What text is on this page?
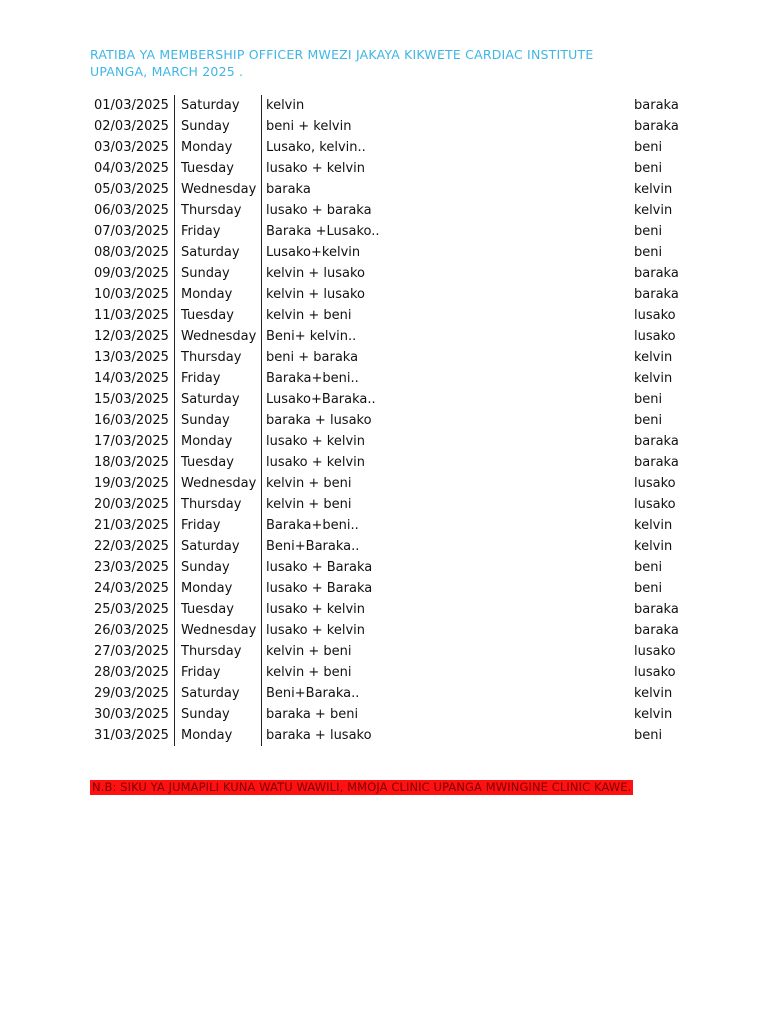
RATIBA YA MEMBERSHIP OFFICER MWEZI JAKAYA KIKWETE CARDIAC INSTITUTE
UPANGA, MARCH 2025 .
01/03/2025	Saturday	kelvin	baraka
02/03/2025	Sunday	beni + kelvin	baraka
03/03/2025	Monday	Lusako, kelvin..	beni
04/03/2025	Tuesday	lusako + kelvin	beni
05/03/2025	Wednesday	baraka	kelvin
06/03/2025	Thursday	lusako + baraka	kelvin
07/03/2025	Friday	Baraka +Lusako..	beni
08/03/2025	Saturday	Lusako+kelvin	beni
09/03/2025	Sunday	kelvin + lusako	baraka
10/03/2025	Monday	kelvin + lusako	baraka
11/03/2025	Tuesday	kelvin + beni	lusako
12/03/2025	Wednesday	Beni+ kelvin..	lusako
13/03/2025	Thursday	beni + baraka	kelvin
14/03/2025	Friday	Baraka+beni..	kelvin
15/03/2025	Saturday	Lusako+Baraka..	beni
16/03/2025	Sunday	baraka + lusako	beni
17/03/2025	Monday	lusako + kelvin	baraka
18/03/2025	Tuesday	lusako + kelvin	baraka
19/03/2025	Wednesday	kelvin + beni	lusako
20/03/2025	Thursday	kelvin + beni	lusako
21/03/2025	Friday	Baraka+beni..	kelvin
22/03/2025	Saturday	Beni+Baraka..	kelvin
23/03/2025	Sunday	lusako + Baraka	beni
24/03/2025	Monday	lusako + Baraka	beni
25/03/2025	Tuesday	lusako + kelvin	baraka
26/03/2025	Wednesday	lusako + kelvin	baraka
27/03/2025	Thursday	kelvin + beni	lusako
28/03/2025	Friday	kelvin + beni	lusako
29/03/2025	Saturday	Beni+Baraka..	kelvin
30/03/2025	Sunday	baraka + beni	kelvin
31/03/2025	Monday	baraka + lusako	beni
N.B: SIKU YA JUMAPILI KUNA WATU WAWILI, MMOJA CLINIC UPANGA MWINGINE CLINIC KAWE.
